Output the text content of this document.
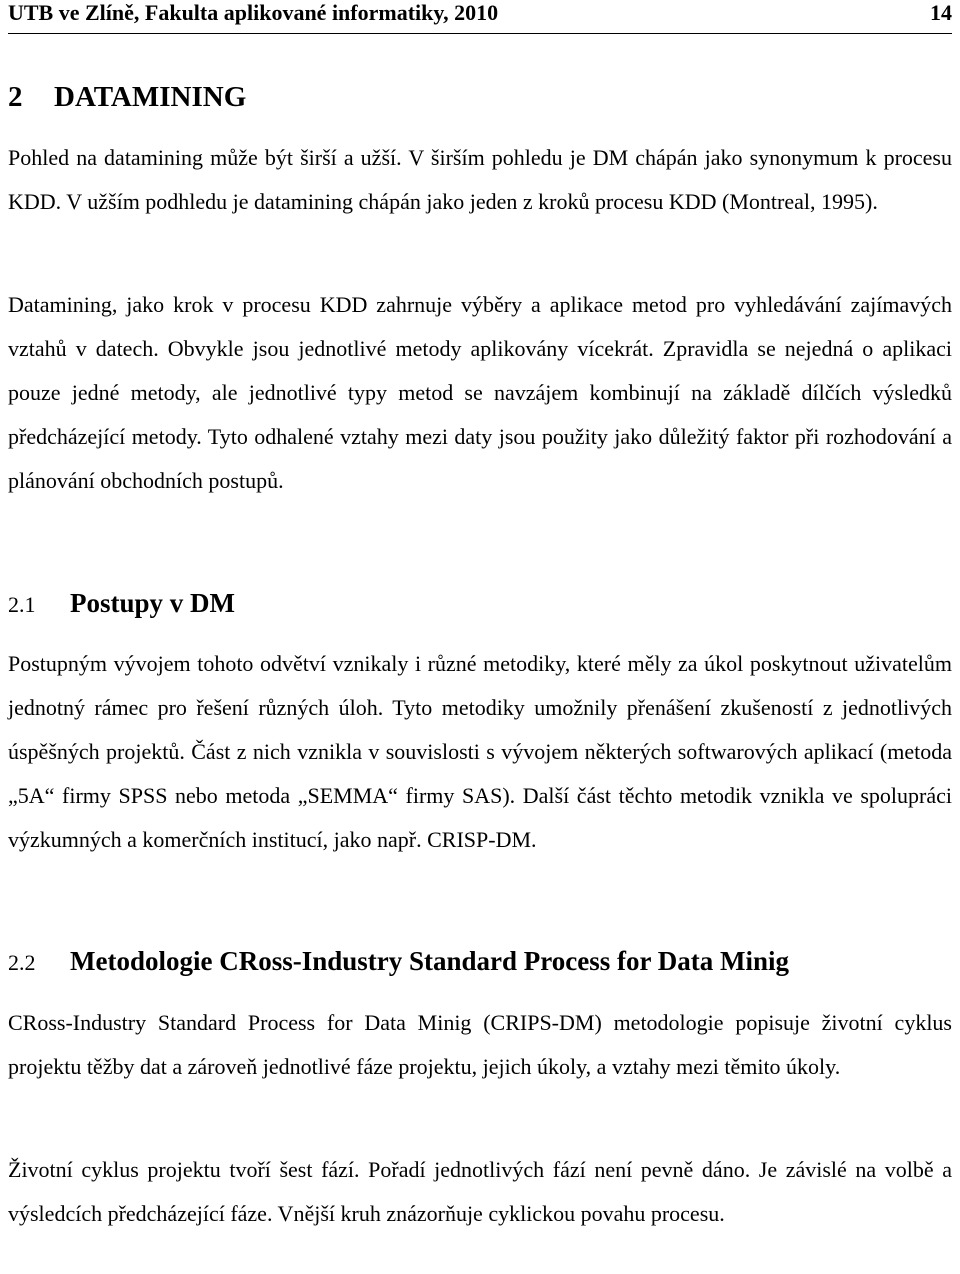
UTB ve Zlíně, Fakulta aplikované informatiky, 2010	14
2 DATAMINING

Pohled na datamining může být širší a užší. V širším pohledu je DM chápán jako synonymum k procesu KDD. V užším podhledu je datamining chápán jako jeden z kroků procesu KDD (Montreal, 1995).

Datamining, jako krok v procesu KDD zahrnuje výběry a aplikace metod pro vyhledávání zajímavých vztahů v datech. Obvykle jsou jednotlivé metody aplikovány vícekrát. Zpravidla se nejedná o aplikaci pouze jedné metody, ale jednotlivé typy metod se navzájem kombinují na základě dílčích výsledků předcházející metody. Tyto odhalené vztahy mezi daty jsou použity jako důležitý faktor při rozhodování a plánování obchodních postupů.

2.1 Postupy v DM

Postupným vývojem tohoto odvětví vznikaly i různé metodiky, které měly za úkol poskytnout uživatelům jednotný rámec pro řešení různých úloh. Tyto metodiky umožnily přenášení zkušeností z jednotlivých úspěšných projektů. Část z nich vznikla v souvislosti s vývojem některých softwarových aplikací (metoda „5A“ firmy SPSS nebo metoda „SEMMA“ firmy SAS). Další část těchto metodik vznikla ve spolupráci výzkumných a komerčních institucí, jako např. CRISP-DM.

2.2 Metodologie CRoss-Industry Standard Process for Data Minig

CRoss-Industry Standard Process for Data Minig (CRIPS-DM) metodologie popisuje životní cyklus projektu těžby dat a zároveň jednotlivé fáze projektu, jejich úkoly, a vztahy mezi těmito úkoly.

Životní cyklus projektu tvoří šest fází. Pořadí jednotlivých fází není pevně dáno. Je závislé na volbě a výsledcích předcházející fáze. Vnější kruh znázorňuje cyklickou povahu procesu.
